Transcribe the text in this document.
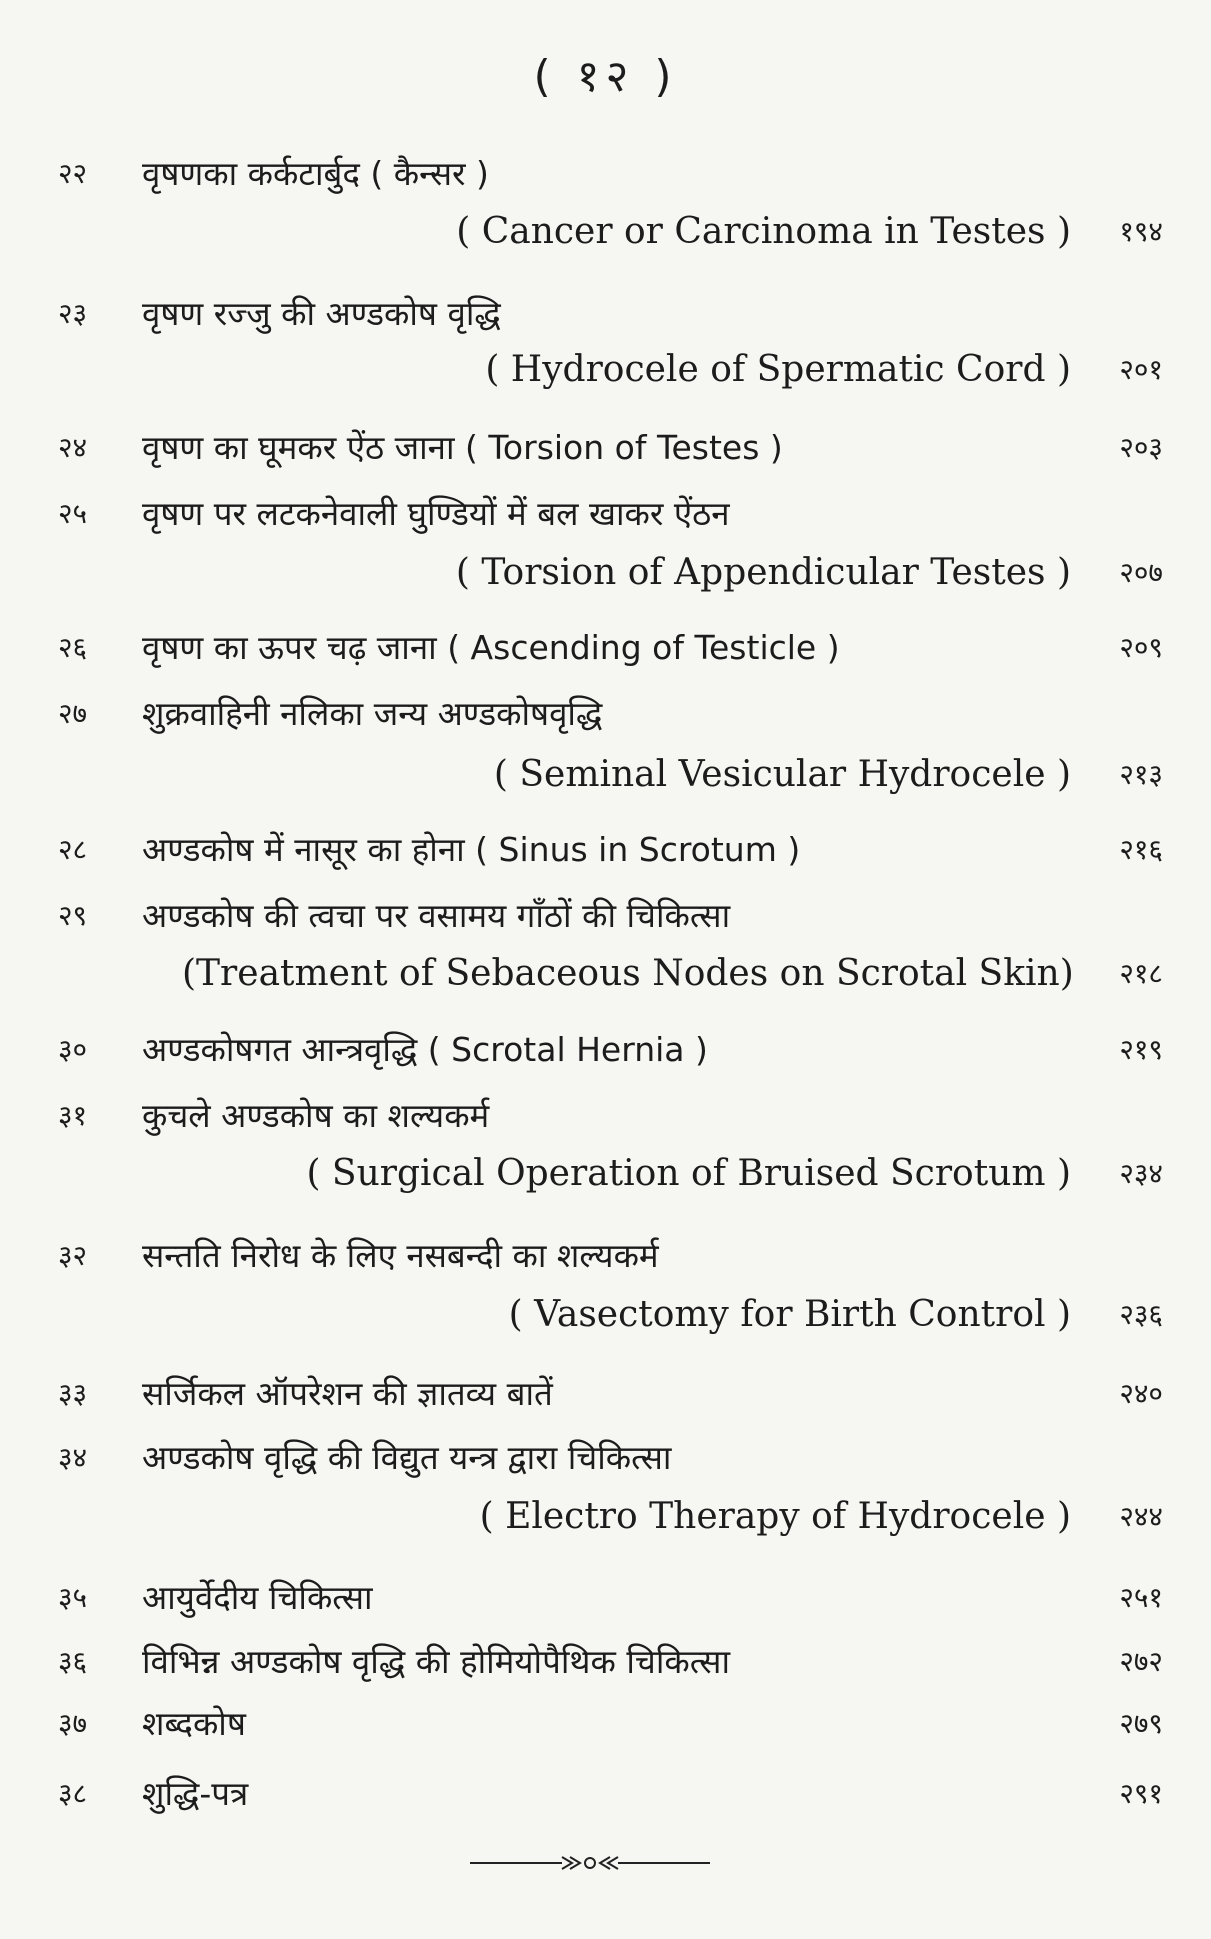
( १२ )
२२	वृषणका कर्कटार्बुद ( कैन्सर )
( Cancer or Carcinoma in Testes )	१९४
२३	वृषण रज्जु की अण्डकोष वृद्धि
( Hydrocele of Spermatic Cord )	२०१
२४	वृषण का घूमकर ऐंठ जाना ( Torsion of Testes )	२०३
२५	वृषण पर लटकनेवाली घुण्डियों में बल खाकर ऐंठन
( Torsion of Appendicular Testes )	२०७
२६	वृषण का ऊपर चढ़ जाना ( Ascending of Testicle )	२०९
२७	शुक्रवाहिनी नलिका जन्य अण्डकोषवृद्धि
( Seminal Vesicular Hydrocele )	२१३
२८	अण्डकोष में नासूर का होना ( Sinus in Scrotum )	२१६
२९	अण्डकोष की त्वचा पर वसामय गाँठों की चिकित्सा
(Treatment of Sebaceous Nodes on Scrotal Skin)	२१८
३०	अण्डकोषगत आन्त्रवृद्धि ( Scrotal Hernia )	२१९
३१	कुचले अण्डकोष का शल्यकर्म
( Surgical Operation of Bruised Scrotum )	२३४
३२	सन्तति निरोध के लिए नसबन्दी का शल्यकर्म
( Vasectomy for Birth Control )	२३६
३३	सर्जिकल ऑपरेशन की ज्ञातव्य बातें	२४०
३४	अण्डकोष वृद्धि की विद्युत यन्त्र द्वारा चिकित्सा
( Electro Therapy of Hydrocele )	२४४
३५	आयुर्वेदीय चिकित्सा	२५१
३६	विभिन्न अण्डकोष वृद्धि की होमियोपैथिक चिकित्सा	२७२
३७	शब्दकोष	२७९
३८	शुद्धि-पत्र	२९१
